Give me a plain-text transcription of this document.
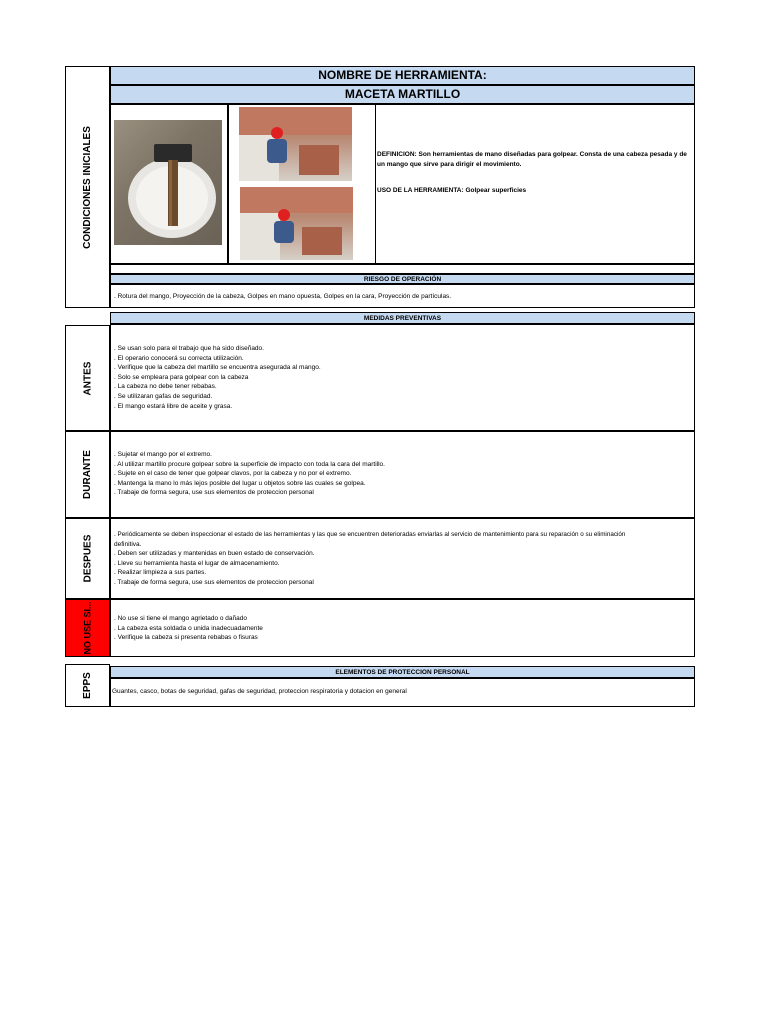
CONDICIONES INICIALES
ANTES
DURANTE
DESPUES
NO USE SI...
EPPS
NOMBRE DE HERRAMIENTA:
MACETA MARTILLO
DEFINICION: Son herramientas de mano diseñadas para golpear. Consta de una cabeza pesada y de un mango que sirve para dirigir el movimiento.
USO DE LA HERRAMIENTA: Golpear superficies
RIESGO DE OPERACIÓN
. Rotura del mango, Proyección de la cabeza, Golpes en mano opuesta, Golpes en la cara, Proyección de partículas.
MEDIDAS PREVENTIVAS
. Se usan solo para el trabajo que ha sido diseñado.
. El operario conocerá su correcta utilización.
. Verifique que la cabeza del martillo se encuentra asegurada al mango.
. Solo se empleara para golpear con la cabeza
. La cabeza no debe tener rebabas.
. Se utilizaran gafas de seguridad.
. El mango estará libre de aceite y grasa.
. Sujetar el mango por el extremo.
. Al utilizar martillo procure golpear sobre la superficie de impacto con toda la cara del martillo.
. Sujete en el caso de tener que golpear clavos, por la cabeza y no por el extremo.
. Mantenga la mano lo más lejos posible del lugar u objetos sobre las cuales se golpea.
. Trabaje de forma segura, use sus elementos de proteccion personal
. Periódicamente se deben inspeccionar el estado de las herramientas y las que se encuentren deterioradas enviarlas al servicio de mantenimiento para su reparación o su eliminación
definitiva.
. Deben ser utilizadas y mantenidas en buen estado de conservación.
. Lleve su herramienta hasta el lugar de almacenamiento.
. Realizar limpieza a sus partes.
. Trabaje de forma segura, use sus elementos de proteccion personal
. No use si tiene el mango agrietado o dañado
. La cabeza esta soldada o unida inadecuadamente
. Verifique la cabeza si presenta rebabas o fisuras
ELEMENTOS DE PROTECCION PERSONAL
Guantes, casco, botas de seguridad, gafas de seguridad, proteccion respiratoria y dotacion en general
